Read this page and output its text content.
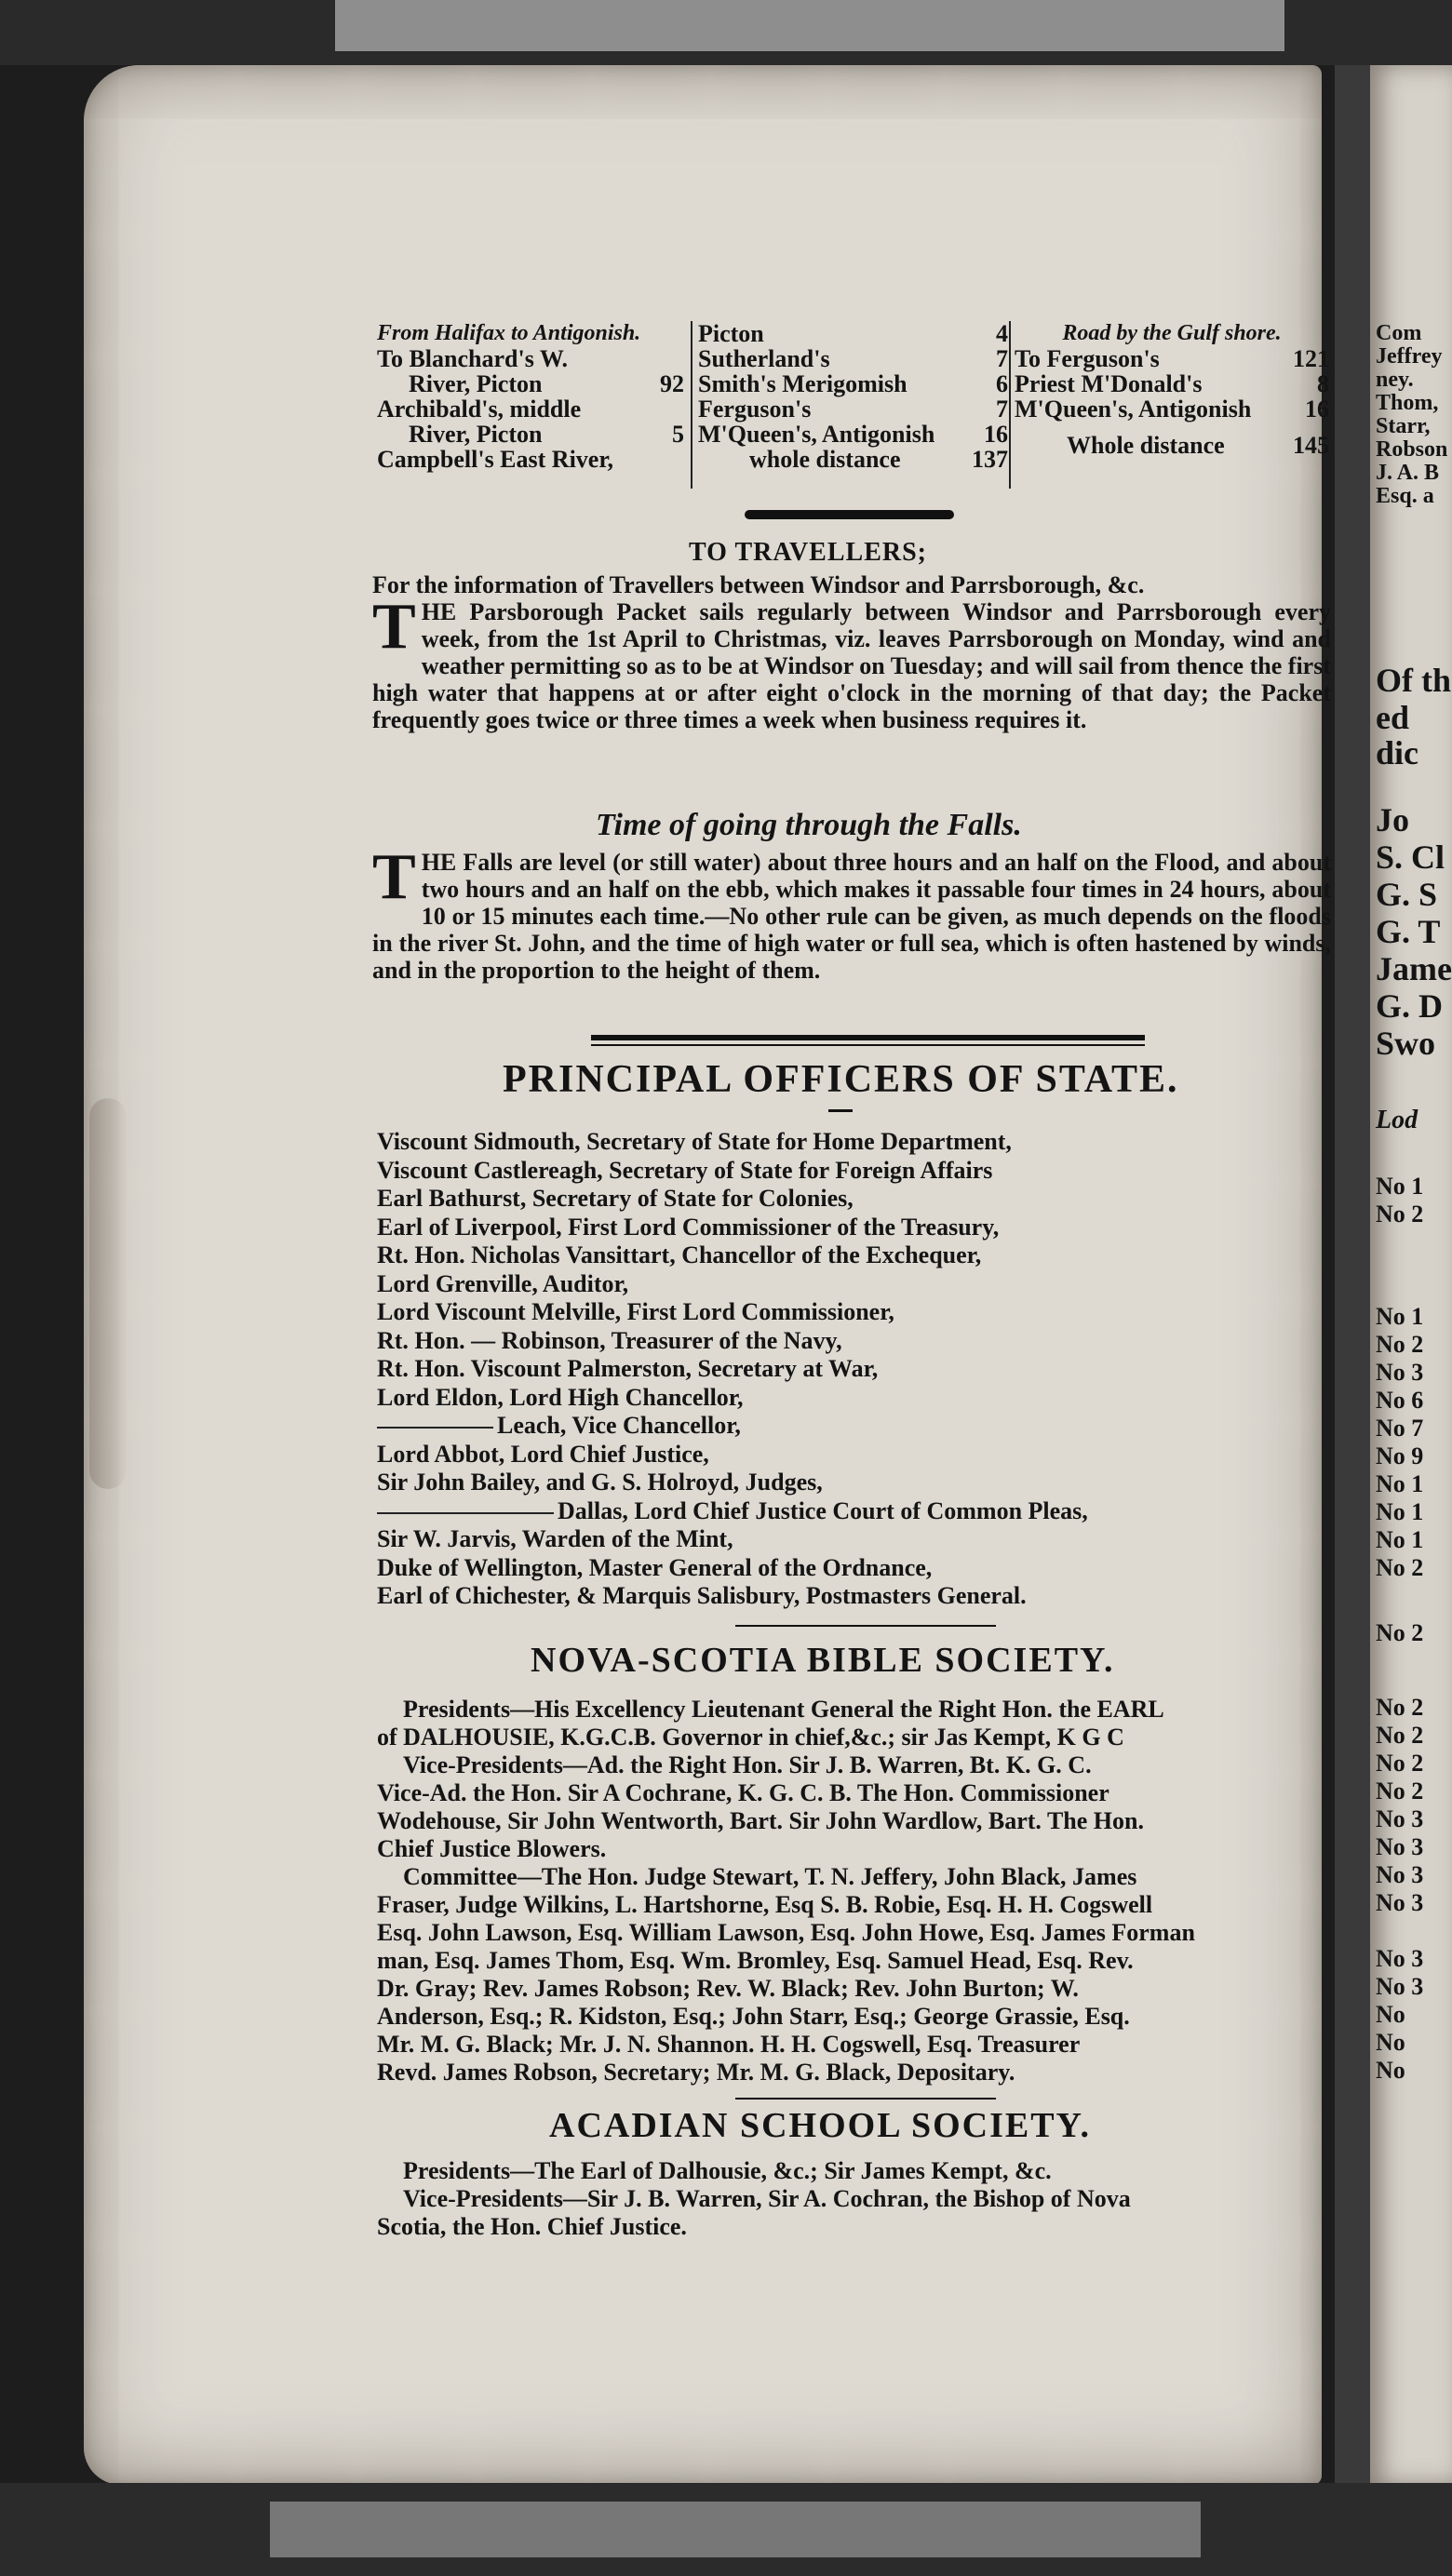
Com
Jeffrey
ney.
Thom,
Starr,
Robson
J. A. B
Esq. a
Of th
ed
dic
Jo
S. Cl
G. S
G. T
Jame
G. D
Swo
Lod
No 1
No 2
No 1
No 2
No 3
No 6
No 7
No 9
No 1
No 1
No 1
No 2
No 2
No 2
No 2
No 2
No 2
No 3
No 3
No 3
No 3
No 3
No 3
No
No
No
From Halifax to Antigonish.
To Blanchard's W.
River, Picton	92
Archibald's, middle
River, Picton	5
Campbell's East River,
Picton	4
Sutherland's	7
Smith's Merigomish	6
Ferguson's	7
M'Queen's, Antigonish 16
whole distance	137
Road by the Gulf shore.
To Ferguson's	121
Priest M'Donald's	8
M'Queen's, Antigonish 16
Whole distance	145
TO TRAVELLERS;

For the information of Travellers between Windsor and Parrsborough, &c.

THE Parsborough Packet sails regularly between Windsor and Parrsborough every week, from the 1st April to Christmas, viz. leaves Parrsborough on Monday, wind and weather permitting so as to be at Windsor on Tuesday; and will sail from thence the first high water that happens at or after eight o'clock in the morning of that day; the Packet frequently goes twice or three times a week when business requires it.

Time of going through the Falls.

THE Falls are level (or still water) about three hours and an half on the Flood, and about two hours and an half on the ebb, which makes it passable four times in 24 hours, about 10 or 15 minutes each time.—No other rule can be given, as much depends on the floods in the river St. John, and the time of high water or full sea, which is often hastened by winds, and in the proportion to the height of them.

PRINCIPAL OFFICERS OF STATE.
Viscount Sidmouth, Secretary of State for Home Department,
Viscount Castlereagh, Secretary of State for Foreign Affairs
Earl Bathurst, Secretary of State for Colonies,
Earl of Liverpool, First Lord Commissioner of the Treasury,
Rt. Hon. Nicholas Vansittart, Chancellor of the Exchequer,
Lord Grenville, Auditor,
Lord Viscount Melville, First Lord Commissioner,
Rt. Hon. — Robinson, Treasurer of the Navy,
Rt. Hon. Viscount Palmerston, Secretary at War,
Lord Eldon, Lord High Chancellor,
Leach, Vice Chancellor,
Lord Abbot, Lord Chief Justice,
Sir John Bailey, and G. S. Holroyd, Judges,
Dallas, Lord Chief Justice Court of Common Pleas,
Sir W. Jarvis, Warden of the Mint,
Duke of Wellington, Master General of the Ordnance,
Earl of Chichester, & Marquis Salisbury, Postmasters General.
NOVA-SCOTIA BIBLE SOCIETY.

Presidents—His Excellency Lieutenant General the Right Hon. the EARL

of DALHOUSIE, K.G.C.B. Governor in chief,&c.; sir Jas Kempt, K G C

Vice-Presidents—Ad. the Right Hon. Sir J. B. Warren, Bt. K. G. C.

Vice-Ad. the Hon. Sir A Cochrane, K. G. C. B. The Hon. Commissioner

Wodehouse, Sir John Wentworth, Bart. Sir John Wardlow, Bart. The Hon.

Chief Justice Blowers.

Committee—The Hon. Judge Stewart, T. N. Jeffery, John Black, James

Fraser, Judge Wilkins, L. Hartshorne, Esq S. B. Robie, Esq. H. H. Cogswell

Esq. John Lawson, Esq. William Lawson, Esq. John Howe, Esq. James Forman

man, Esq. James Thom, Esq. Wm. Bromley, Esq. Samuel Head, Esq. Rev.

Dr. Gray; Rev. James Robson; Rev. W. Black; Rev. John Burton; W.

Anderson, Esq.; R. Kidston, Esq.; John Starr, Esq.; George Grassie, Esq.

Mr. M. G. Black; Mr. J. N. Shannon. H. H. Cogswell, Esq. Treasurer

Revd. James Robson, Secretary; Mr. M. G. Black, Depositary.

ACADIAN SCHOOL SOCIETY.

Presidents—The Earl of Dalhousie, &c.; Sir James Kempt, &c.

Vice-Presidents—Sir J. B. Warren, Sir A. Cochran, the Bishop of Nova

Scotia, the Hon. Chief Justice.
